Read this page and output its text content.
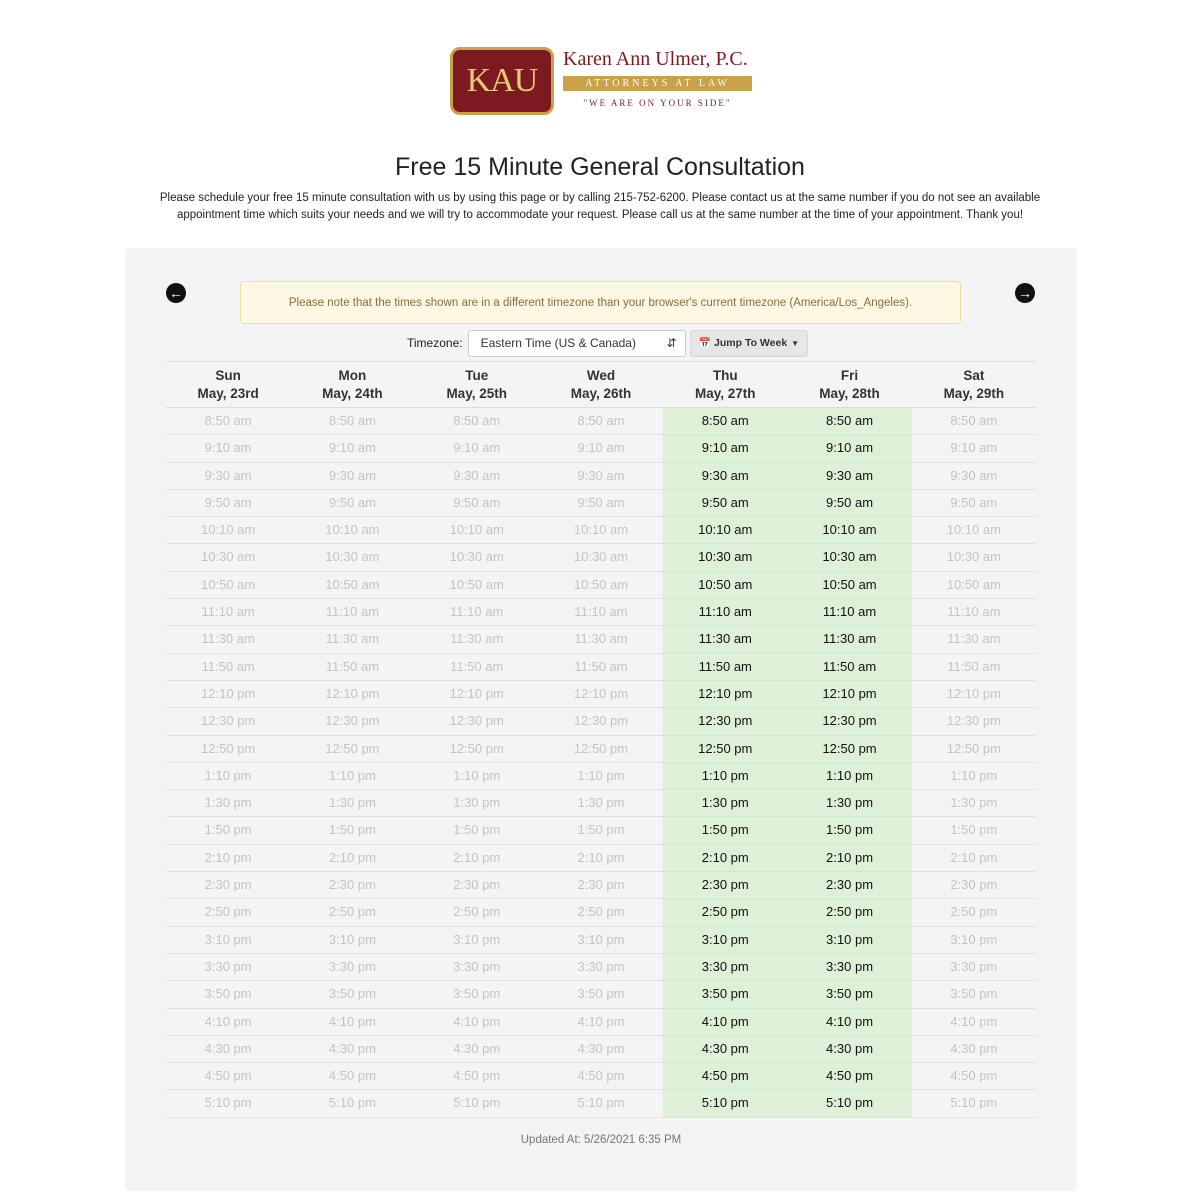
KAU
Karen Ann Ulmer, P.C.
ATTORNEYS AT LAW
"WE ARE ON YOUR SIDE"
Free 15 Minute General Consultation
Please schedule your free 15 minute consultation with us by using this page or by calling 215-752-6200. Please contact us at the same number if you do not see an available appointment time which suits your needs and we will try to accommodate your request. Please call us at the same number at the time of your appointment. Thank you!
←	→
Please note that the times shown are in a different timezone than your browser's current timezone (America/Los_Angeles).
Timezone: Eastern Time (US & Canada)	⇵ 📅 Jump To Week ▼
Sun
May, 23rd
Mon
May, 24th
Tue
May, 25th
Wed
May, 26th
Thu
May, 27th
Fri
May, 28th
Sat
May, 29th
8:50 am
9:10 am
9:30 am
9:50 am
10:10 am
10:30 am
10:50 am
11:10 am
11:30 am
11:50 am
12:10 pm
12:30 pm
12:50 pm
1:10 pm
1:30 pm
1:50 pm
2:10 pm
2:30 pm
2:50 pm
3:10 pm
3:30 pm
3:50 pm
4:10 pm
4:30 pm
4:50 pm
5:10 pm
8:50 am
9:10 am
9:30 am
9:50 am
10:10 am
10:30 am
10:50 am
11:10 am
11:30 am
11:50 am
12:10 pm
12:30 pm
12:50 pm
1:10 pm
1:30 pm
1:50 pm
2:10 pm
2:30 pm
2:50 pm
3:10 pm
3:30 pm
3:50 pm
4:10 pm
4:30 pm
4:50 pm
5:10 pm
8:50 am
9:10 am
9:30 am
9:50 am
10:10 am
10:30 am
10:50 am
11:10 am
11:30 am
11:50 am
12:10 pm
12:30 pm
12:50 pm
1:10 pm
1:30 pm
1:50 pm
2:10 pm
2:30 pm
2:50 pm
3:10 pm
3:30 pm
3:50 pm
4:10 pm
4:30 pm
4:50 pm
5:10 pm
8:50 am
9:10 am
9:30 am
9:50 am
10:10 am
10:30 am
10:50 am
11:10 am
11:30 am
11:50 am
12:10 pm
12:30 pm
12:50 pm
1:10 pm
1:30 pm
1:50 pm
2:10 pm
2:30 pm
2:50 pm
3:10 pm
3:30 pm
3:50 pm
4:10 pm
4:30 pm
4:50 pm
5:10 pm
8:50 am
9:10 am
9:30 am
9:50 am
10:10 am
10:30 am
10:50 am
11:10 am
11:30 am
11:50 am
12:10 pm
12:30 pm
12:50 pm
1:10 pm
1:30 pm
1:50 pm
2:10 pm
2:30 pm
2:50 pm
3:10 pm
3:30 pm
3:50 pm
4:10 pm
4:30 pm
4:50 pm
5:10 pm
8:50 am
9:10 am
9:30 am
9:50 am
10:10 am
10:30 am
10:50 am
11:10 am
11:30 am
11:50 am
12:10 pm
12:30 pm
12:50 pm
1:10 pm
1:30 pm
1:50 pm
2:10 pm
2:30 pm
2:50 pm
3:10 pm
3:30 pm
3:50 pm
4:10 pm
4:30 pm
4:50 pm
5:10 pm
8:50 am
9:10 am
9:30 am
9:50 am
10:10 am
10:30 am
10:50 am
11:10 am
11:30 am
11:50 am
12:10 pm
12:30 pm
12:50 pm
1:10 pm
1:30 pm
1:50 pm
2:10 pm
2:30 pm
2:50 pm
3:10 pm
3:30 pm
3:50 pm
4:10 pm
4:30 pm
4:50 pm
5:10 pm
Updated At: 5/26/2021 6:35 PM
